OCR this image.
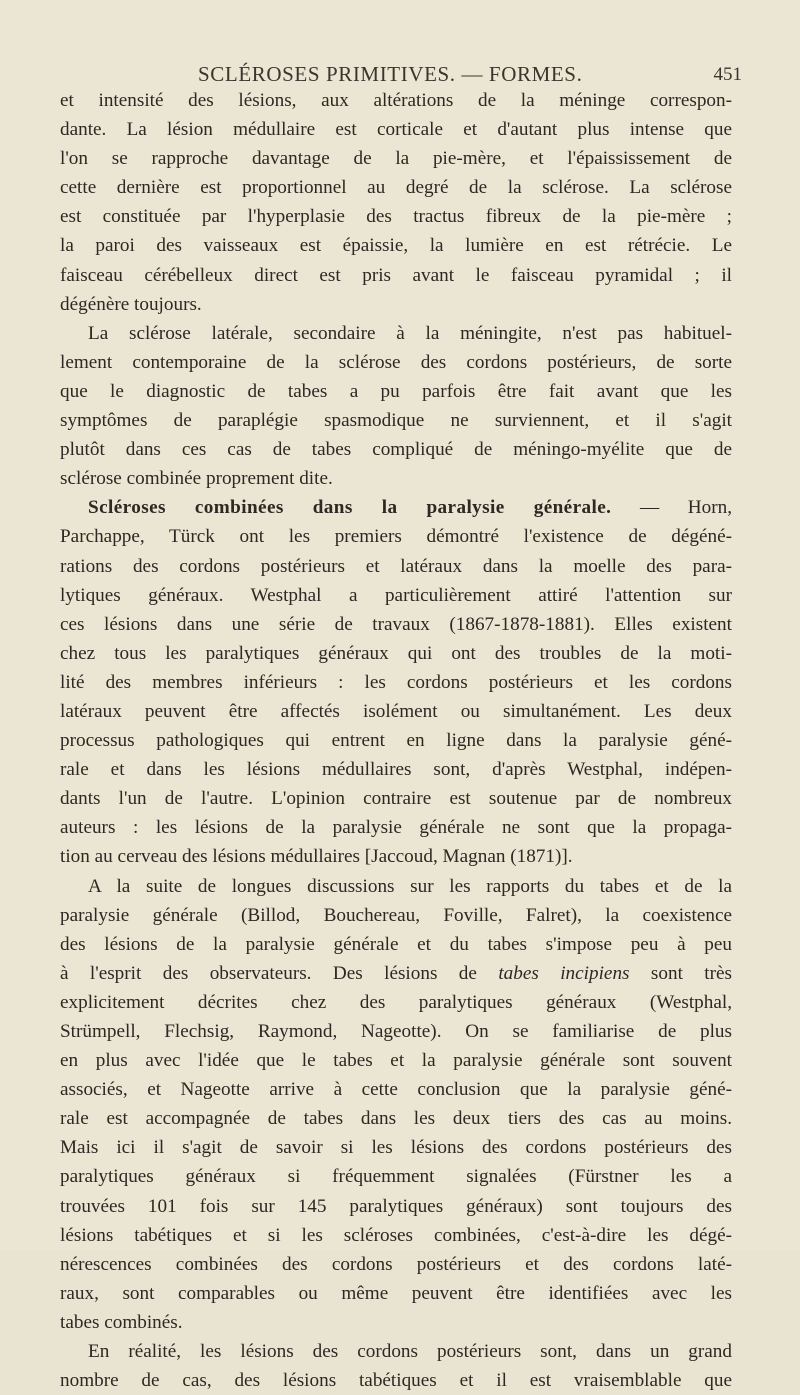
SCLÉROSES PRIMITIVES. — FORMES.	451
et intensité des lésions, aux altérations de la méninge correspon-
dante. La lésion médullaire est corticale et d'autant plus intense que
l'on se rapproche davantage de la pie-mère, et l'épaississement de
cette dernière est proportionnel au degré de la sclérose. La sclérose
est constituée par l'hyperplasie des tractus fibreux de la pie-mère ;
la paroi des vaisseaux est épaissie, la lumière en est rétrécie. Le
faisceau cérébelleux direct est pris avant le faisceau pyramidal ; il
dégénère toujours.
La sclérose latérale, secondaire à la méningite, n'est pas habituel-
lement contemporaine de la sclérose des cordons postérieurs, de sorte
que le diagnostic de tabes a pu parfois être fait avant que les
symptômes de paraplégie spasmodique ne surviennent, et il s'agit
plutôt dans ces cas de tabes compliqué de méningo-myélite que de
sclérose combinée proprement dite.
Scléroses combinées dans la paralysie générale. — Horn,
Parchappe, Türck ont les premiers démontré l'existence de dégéné-
rations des cordons postérieurs et latéraux dans la moelle des para-
lytiques généraux. Westphal a particulièrement attiré l'attention sur
ces lésions dans une série de travaux (1867-1878-1881). Elles existent
chez tous les paralytiques généraux qui ont des troubles de la moti-
lité des membres inférieurs : les cordons postérieurs et les cordons
latéraux peuvent être affectés isolément ou simultanément. Les deux
processus pathologiques qui entrent en ligne dans la paralysie géné-
rale et dans les lésions médullaires sont, d'après Westphal, indépen-
dants l'un de l'autre. L'opinion contraire est soutenue par de nombreux
auteurs : les lésions de la paralysie générale ne sont que la propaga-
tion au cerveau des lésions médullaires [Jaccoud, Magnan (1871)].
A la suite de longues discussions sur les rapports du tabes et de la
paralysie générale (Billod, Bouchereau, Foville, Falret), la coexistence
des lésions de la paralysie générale et du tabes s'impose peu à peu
à l'esprit des observateurs. Des lésions de tabes incipiens sont très
explicitement décrites chez des paralytiques généraux (Westphal,
Strümpell, Flechsig, Raymond, Nageotte). On se familiarise de plus
en plus avec l'idée que le tabes et la paralysie générale sont souvent
associés, et Nageotte arrive à cette conclusion que la paralysie géné-
rale est accompagnée de tabes dans les deux tiers des cas au moins.
Mais ici il s'agit de savoir si les lésions des cordons postérieurs des
paralytiques généraux si fréquemment signalées (Fürstner les a
trouvées 101 fois sur 145 paralytiques généraux) sont toujours des
lésions tabétiques et si les scléroses combinées, c'est-à-dire les dégé-
nérescences combinées des cordons postérieurs et des cordons laté-
raux, sont comparables ou même peuvent être identifiées avec les
tabes combinés.
En réalité, les lésions des cordons postérieurs sont, dans un grand
nombre de cas, des lésions tabétiques et il est vraisemblable que
